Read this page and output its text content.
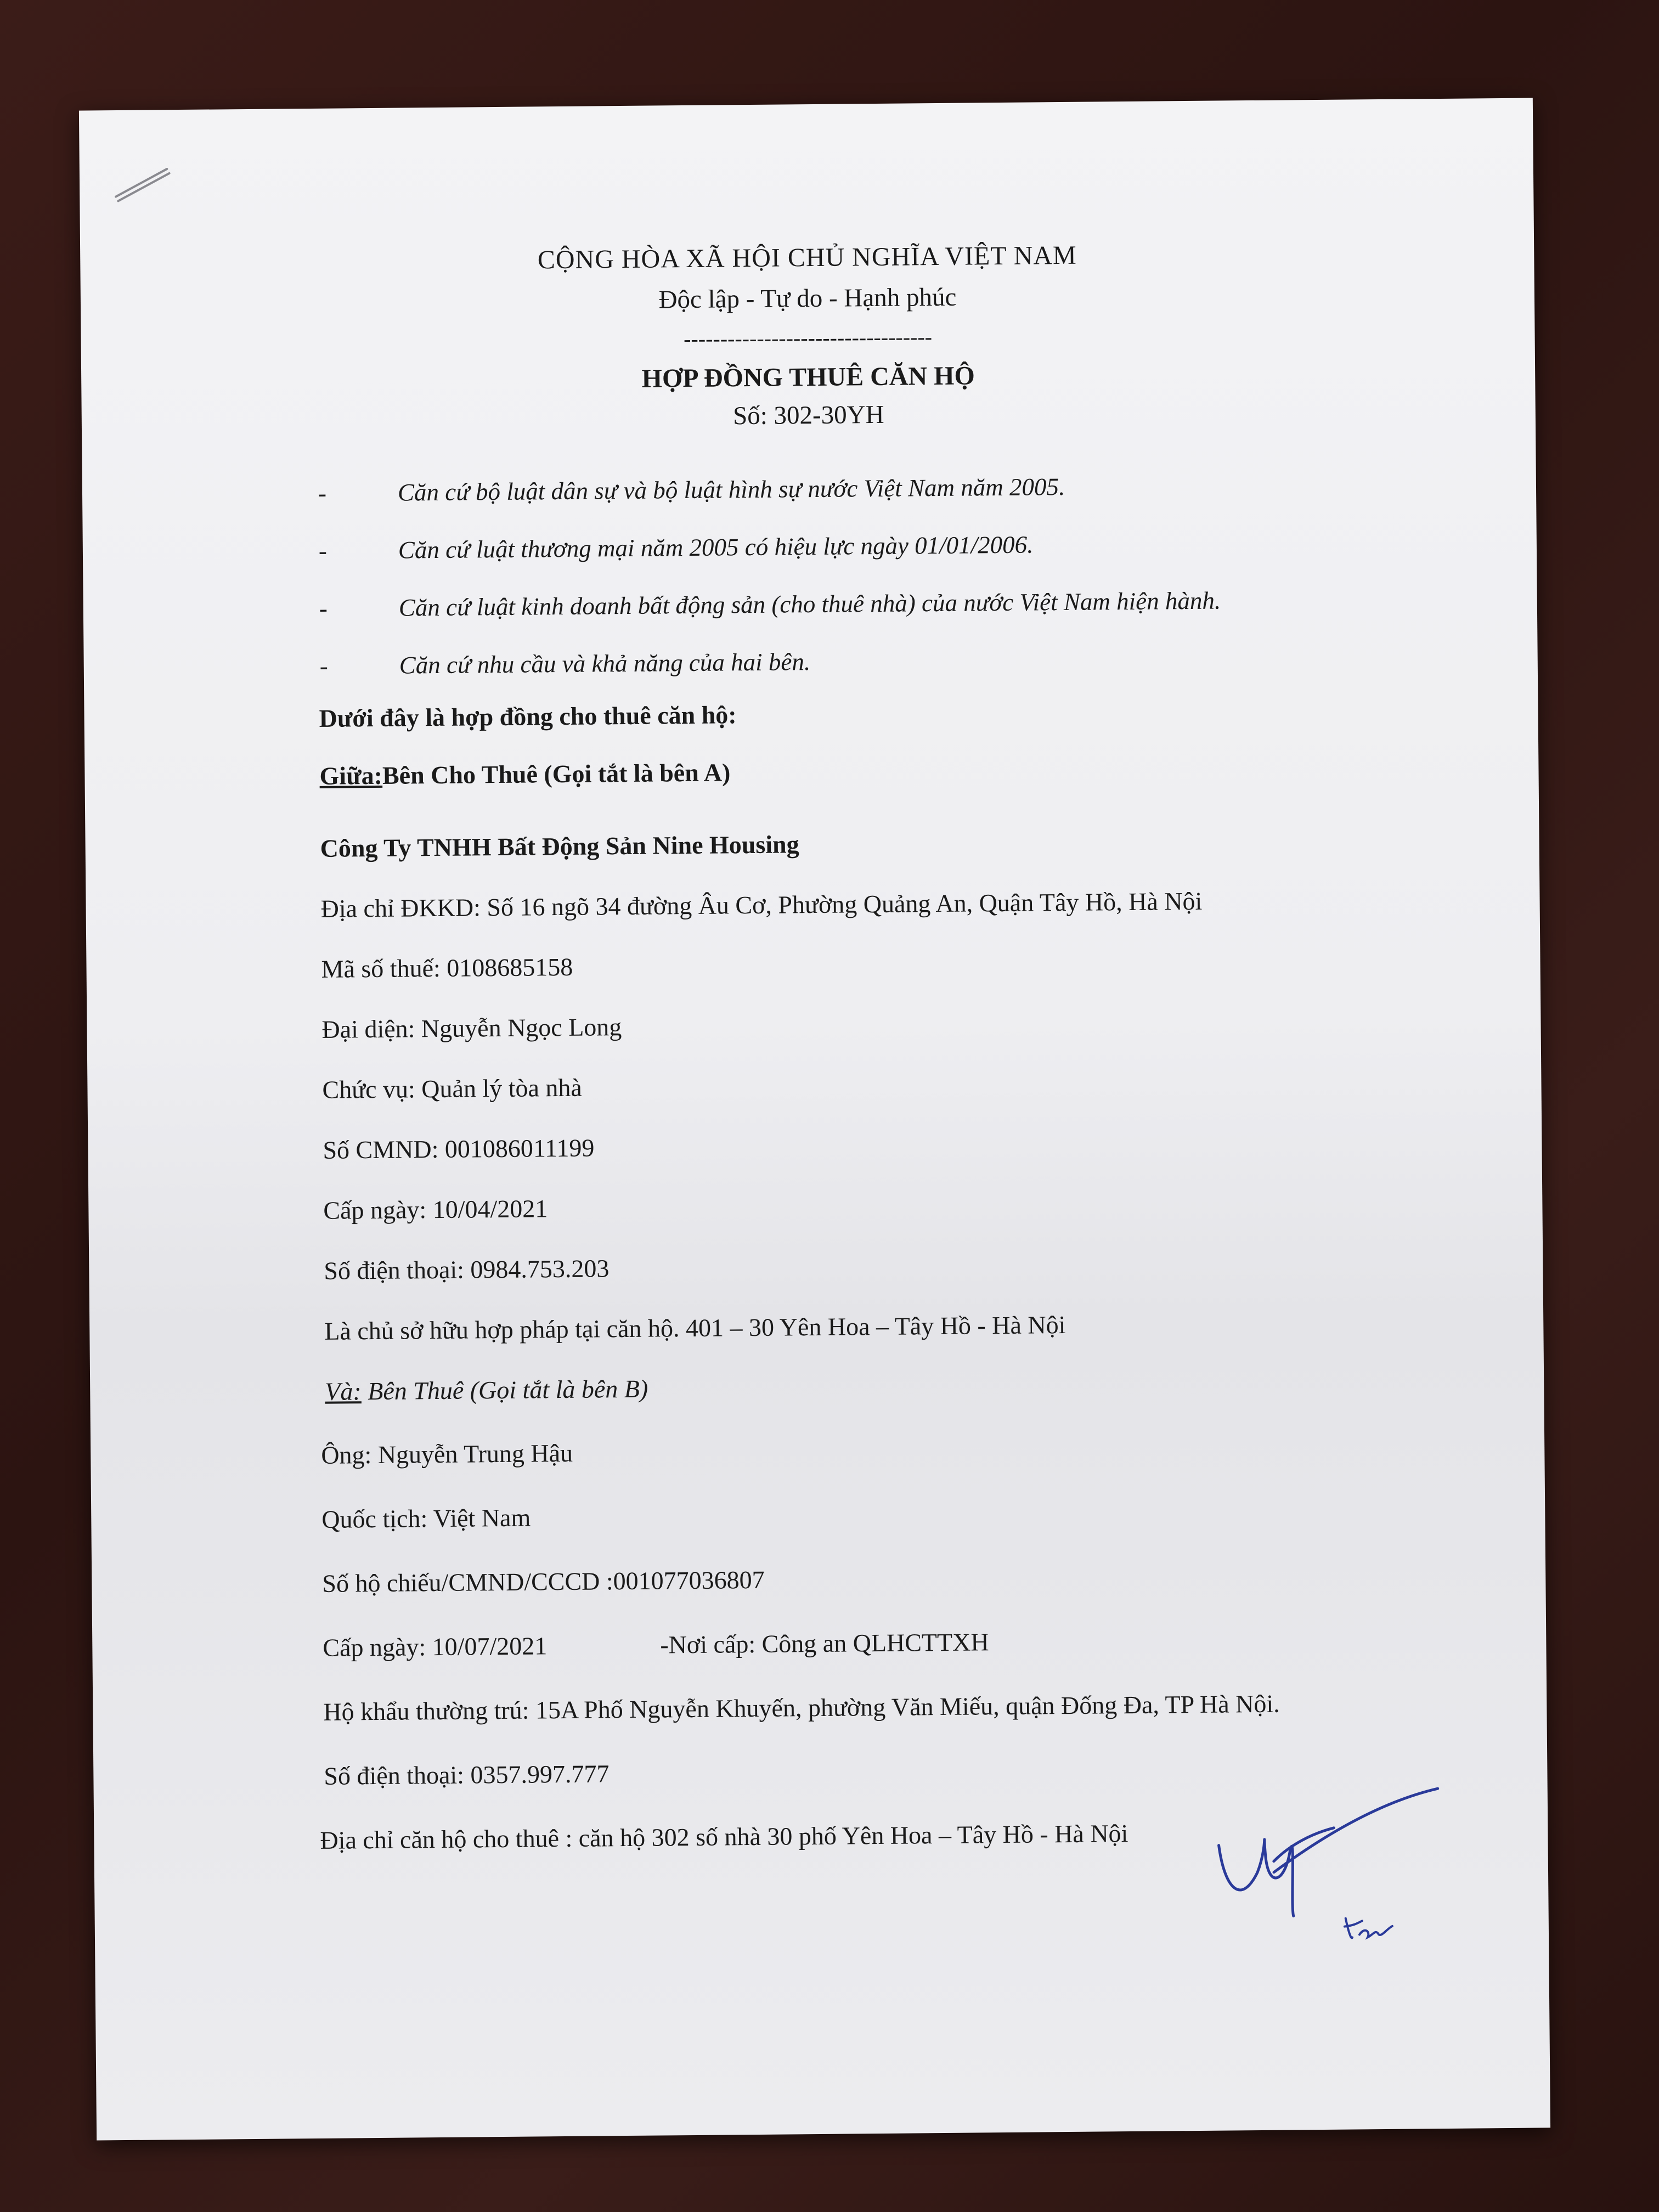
CỘNG HÒA XÃ HỘI CHỦ NGHĨA VIỆT NAM
Độc lập - Tự do - Hạnh phúc
----------------------------------
HỢP ĐỒNG THUÊ CĂN HỘ
Số: 302-30YH
-	Căn cứ bộ luật dân sự và bộ luật hình sự nước Việt Nam năm 2005.
-	Căn cứ luật thương mại năm 2005 có hiệu lực ngày 01/01/2006.
-	Căn cứ luật kinh doanh bất động sản (cho thuê nhà) của nước Việt Nam hiện hành.
-	Căn cứ nhu cầu và khả năng của hai bên.
Dưới đây là hợp đồng cho thuê căn hộ:
Giữa:Bên Cho Thuê (Gọi tắt là bên A)
Công Ty TNHH Bất Động Sản Nine Housing
Địa chỉ ĐKKD: Số 16 ngõ 34 đường Âu Cơ, Phường Quảng An, Quận Tây Hồ, Hà Nội
Mã số thuế: 0108685158
Đại diện: Nguyễn Ngọc Long
Chức vụ: Quản lý tòa nhà
Số CMND: 001086011199
Cấp ngày: 10/04/2021
Số điện thoại: 0984.753.203
Là chủ sở hữu hợp pháp tại căn hộ. 401 – 30 Yên Hoa – Tây Hồ - Hà Nội
Và: Bên Thuê (Gọi tắt là bên B)
Ông: Nguyễn Trung Hậu
Quốc tịch: Việt Nam
Số hộ chiếu/CMND/CCCD :001077036807
Cấp ngày: 10/07/2021	-Nơi cấp: Công an QLHCTTXH
Hộ khẩu thường trú: 15A Phố Nguyễn Khuyến, phường Văn Miếu, quận Đống Đa, TP Hà Nội.
Số điện thoại: 0357.997.777
Địa chỉ căn hộ cho thuê : căn hộ 302 số nhà 30 phố Yên Hoa – Tây Hồ - Hà Nội
